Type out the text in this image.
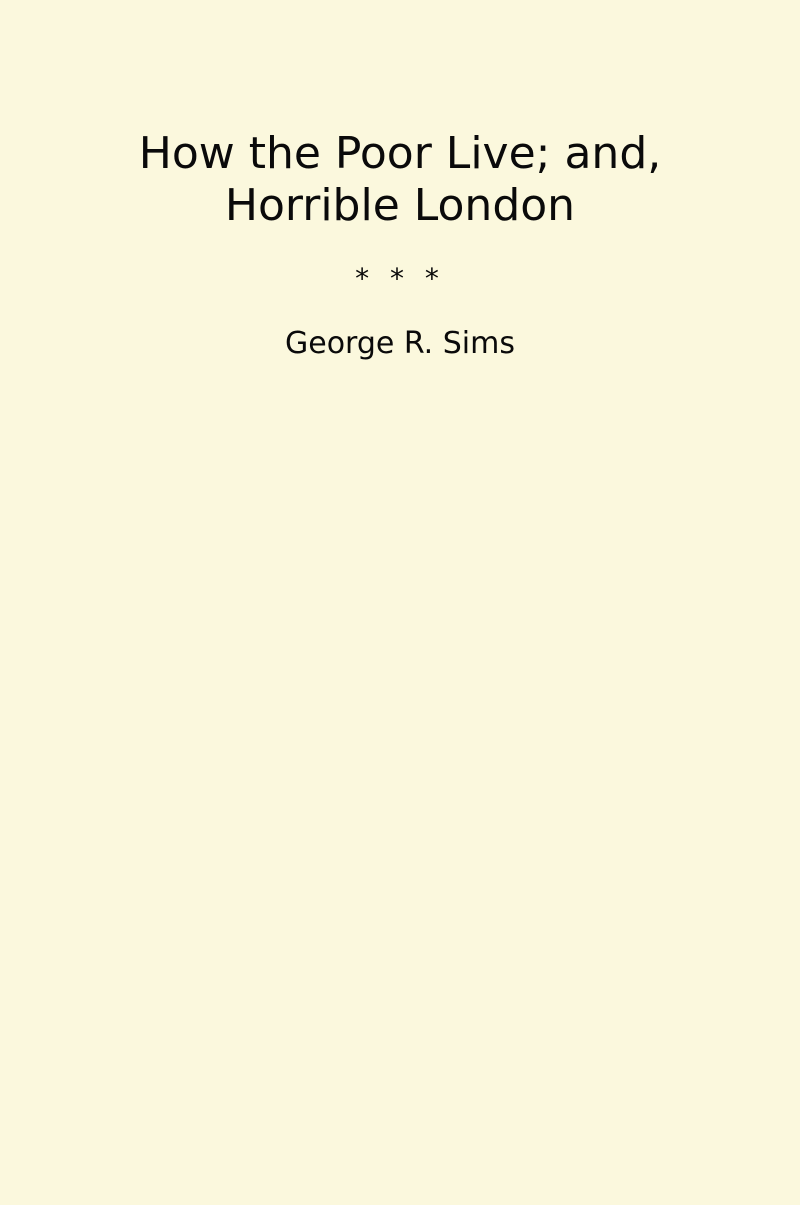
How the Poor Live; and, Horrible London
* * *
George R. Sims
